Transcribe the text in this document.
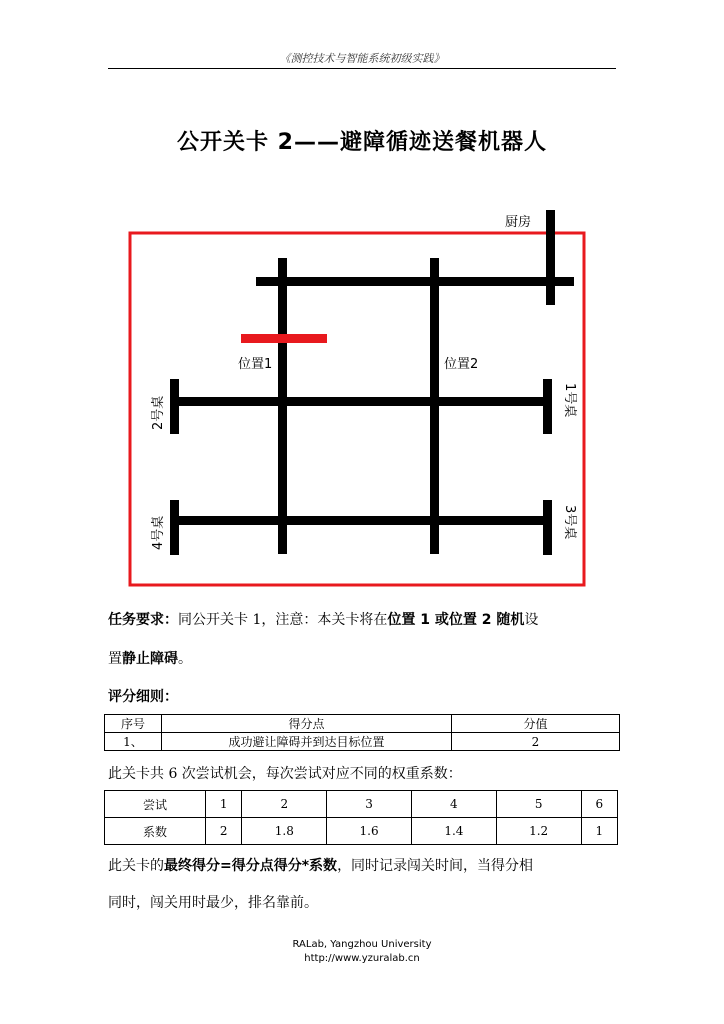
《测控技术与智能系统初级实践》
公开关卡 2——避障循迹送餐机器人
厨房
位置1	位置2
2号桌
4号桌
1号桌
3号桌
任务要求：同公开关卡 1，注意：本关卡将在位置 1 或位置 2 随机设
置静止障碍。
评分细则：
序号	得分点	分值
1、	成功避让障碍并到达目标位置	2
此关卡共 6 次尝试机会，每次尝试对应不同的权重系数：
尝试	1	2	3	4	5	6
系数	2	1.8	1.6	1.4	1.2	1
此关卡的最终得分=得分点得分*系数，同时记录闯关时间，当得分相
同时，闯关用时最少，排名靠前。
RALab, Yangzhou University
http://www.yzuralab.cn
